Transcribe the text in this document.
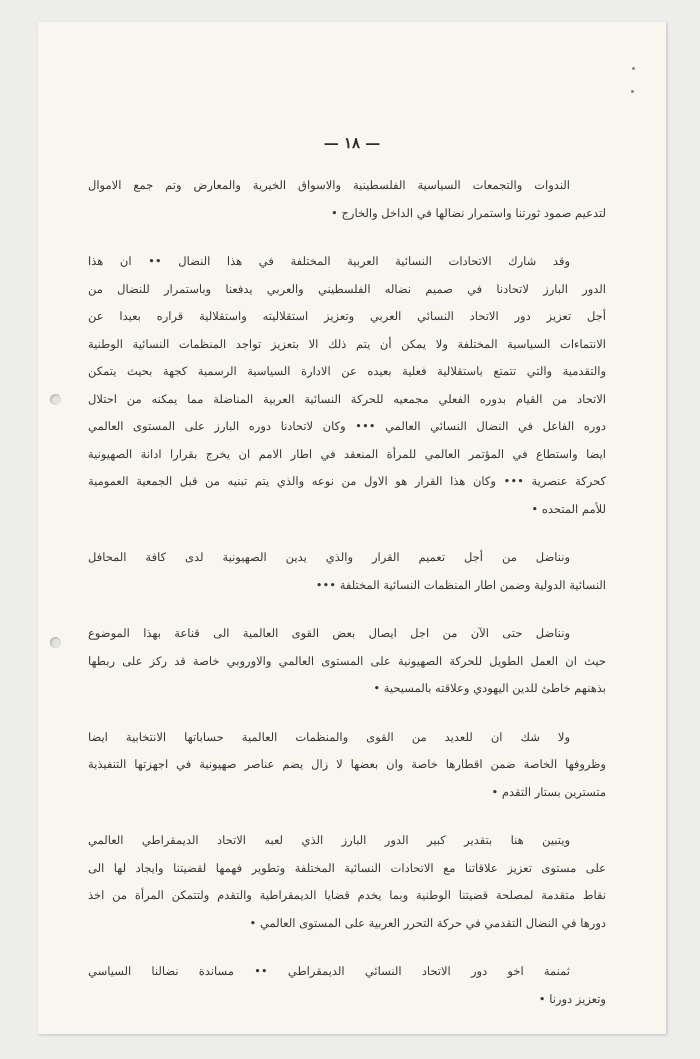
— ١٨ —
الندوات والتجمعات السياسية الفلسطينية والاسواق الخيرية والمعارض وتم جمع الاموال
لتدعيم صمود ثورتنا واستمرار نضالها في الداخل والخارج •
وقد شارك الاتحادات النسائية العربية المختلفة في هذا النضال •• ان هذا
الدور البارز لاتحادنا في صميم نضاله الفلسطيني والعربي يدفعنا وباستمرار للنضال من
أجل تعزيز دور الاتحاد النسائي العربي وتعزيز استقلاليته واستقلالية قراره بعيدا عن
الانتماءات السياسية المختلفة ولا يمكن أن يتم ذلك الا بتعزيز تواجد المنظمات النسائية الوطنية
والتقدمية والتي تتمتع باستقلالية فعلية بعيده عن الادارة السياسية الرسمية كجهة بحيث يتمكن
الاتحاد من القيام بدوره الفعلي مجمعيه للحركة النسائية العربية المناضلة مما يمكنه من احتلال
دوره الفاعل في النضال النسائي العالمي ••• وكان لاتحادنا دوره البارز على المستوى العالمي
ايضا واستطاع في المؤتمر العالمي للمرأة المنعقد في اطار الامم ان يخرج بقرارا ادانة الصهيونية
كحركة عنصرية ••• وكان هذا القرار هو الاول من نوعه والذي يتم تبنيه من قبل الجمعية العمومية
للأمم المتحده •
ونناضل من أجل تعميم القرار والذي يدين الصهيونية لدى كافة المحافل
النسائية الدولية وضمن اطار المنظمات النسائية المختلفة •••
ونناضل حتى الآن من اجل ايصال بعض القوى العالمية الى قناعة بهذا الموضوع
حيث ان العمل الطويل للحركة الصهيونية على المستوى العالمي والاوروبي خاصة قد ركز على ربطها
بذهنهم خاطئ للدين اليهودي وعلاقته بالمسيحية •
ولا شك ان للعديد من القوى والمنظمات العالمية حساباتها الانتخابية ايضا
وظروفها الخاصة ضمن اقطارها خاصة وان بعضها لا زال يضم عناصر صهيونية في اجهزتها التنفيذية
متسترين بستار التقدم •
ويتبين هنا بتقدير كبير الدور البارز الذي لعبه الاتحاد الديمقراطي العالمي
على مستوى تعزيز علاقاتنا مع الاتحادات النسائية المختلفة وتطوير فهمها لقضيتنا وايجاد لها الى
نقاط متقدمة لمصلحة قضيتنا الوطنية وبما يخدم قضايا الديمقراطية والتقدم ولتتمكن المرأة من اخذ
دورها في النضال التقدمي في حركة التحرر العربية على المستوى العالمي •
ثمنمة اخو دور الاتحاد النسائي الديمقراطي •• مساندة نضالنا السياسي
وتعزيز دورنا •
